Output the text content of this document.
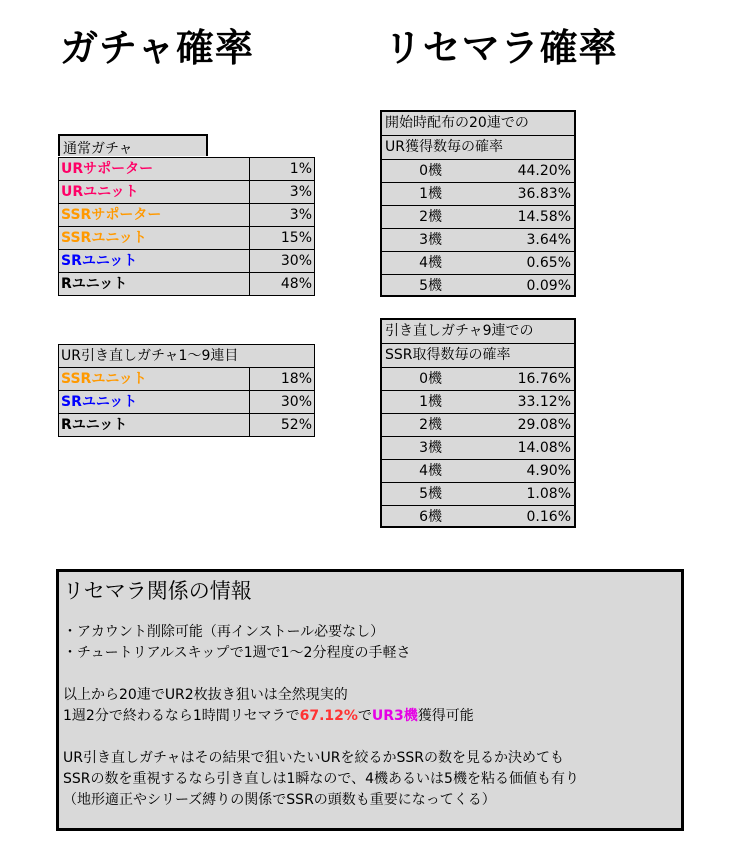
ガチャ確率	リセマラ確率
通常ガチャ
URサポーター	1%
URユニット	3%
SSRサポーター	3%
SSRユニット	15%
SRユニット	30%
Rユニット	48%
UR引き直しガチャ1～9連目	
SSRユニット	18%
SRユニット	30%
Rユニット	52%
開始時配布の20連での
UR獲得数毎の確率
0機	44.20%
1機	36.83%
2機	14.58%
3機	3.64%
4機	0.65%
5機	0.09%
引き直しガチャ9連での
SSR取得数毎の確率
0機	16.76%
1機	33.12%
2機	29.08%
3機	14.08%
4機	4.90%
5機	1.08%
6機	0.16%
リセマラ関係の情報

・アカウント削除可能（再インストール必要なし）

・チュートリアルスキップで1週で1～2分程度の手軽さ

以上から20連でUR2枚抜き狙いは全然現実的

1週2分で終わるなら1時間リセマラで67.12%でUR3機獲得可能

UR引き直しガチャはその結果で狙いたいURを絞るかSSRの数を見るか決めても

SSRの数を重視するなら引き直しは1瞬なので、4機あるいは5機を粘る価値も有り

（地形適正やシリーズ縛りの関係でSSRの頭数も重要になってくる）
